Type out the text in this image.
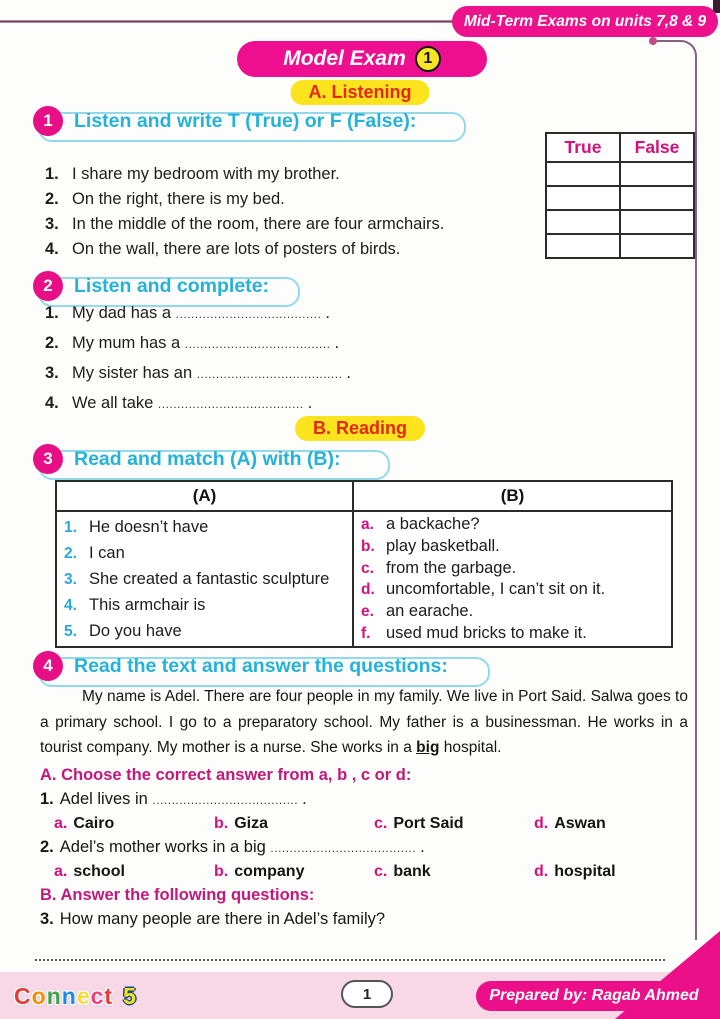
Mid-Term Exams on units 7,8 & 9
Model Exam	1
A. Listening
1	Listen and write T (True) or F (False):
True	False

1. I share my bedroom with my brother.
2. On the right, there is my bed.
3. In the middle of the room, there are four armchairs.
4. On the wall, there are lots of posters of birds.
2	Listen and complete:
1. My dad has a
...................................... .
2. My mum has a
...................................... .
3. My sister has an
...................................... .
4. We all take
...................................... .
B. Reading
3	Read and match (A) with (B):
(A)	(B)
1. He doesn’t have
2. I can
3. She created a fantastic sculpture
4. This armchair is
5. Do you have
a. a backache?
b. play basketball.
c. from the garbage.
d. uncomfortable, I can’t sit on it.
e. an earache.
f. used mud bricks to make it.
4	Read the text and answer the questions:

My name is Adel. There are four people in my family. We live in Port Said. Salwa goes to a primary school. I go to a preparatory school. My father is a businessman. He works in a tourist company. My mother is a nurse. She works in a big hospital.

A. Choose the correct answer from a, b , c or d:
1. Adel lives in
...................................... .
a. Cairo	b. Giza	c. Port Said	d. Aswan
2. Adel’s mother works in a big
...................................... .
a. school	b. company	c. bank	d. hospital
B. Answer the following questions:
3. How many people are there in Adel’s family?
Connect 5	1	Prepared by: Ragab Ahmed
